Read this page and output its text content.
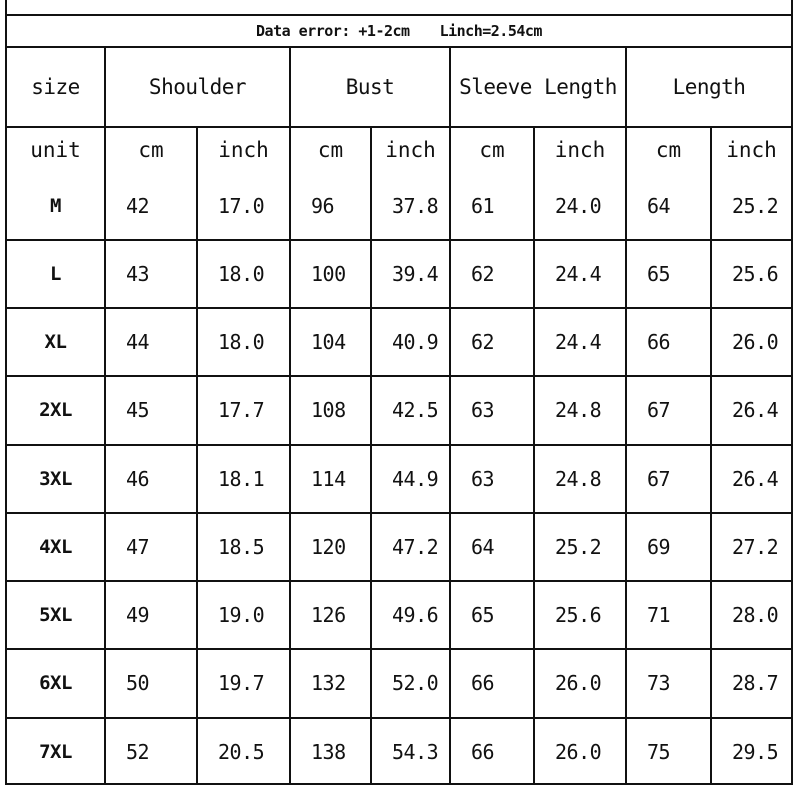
Data error: +1-2cm Linch=2.54cm
size	Shoulder		Bust		Sleeve Length		Length	
unit	cm	inch	cm	inch	cm	inch	cm	inch
M	42	17.0	96	37.8	61	24.0	64	25.2
L	43	18.0	100	39.4	62	24.4	65	25.6
XL	44	18.0	104	40.9	62	24.4	66	26.0
2XL	45	17.7	108	42.5	63	24.8	67	26.4
3XL	46	18.1	114	44.9	63	24.8	67	26.4
4XL	47	18.5	120	47.2	64	25.2	69	27.2
5XL	49	19.0	126	49.6	65	25.6	71	28.0
6XL	50	19.7	132	52.0	66	26.0	73	28.7
7XL	52	20.5	138	54.3	66	26.0	75	29.5
